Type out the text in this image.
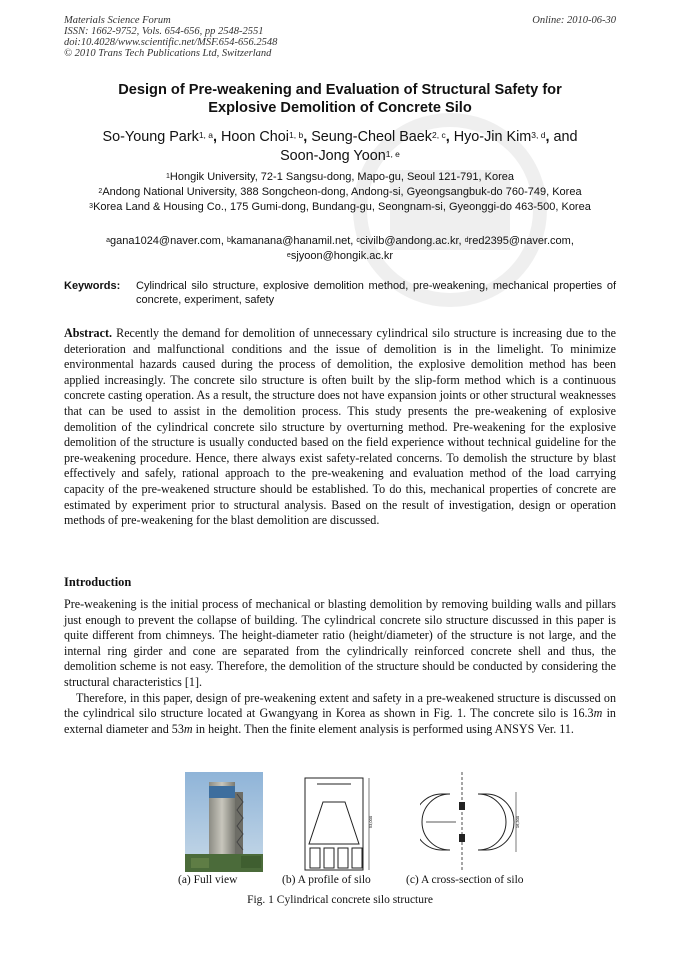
Materials Science Forum
ISSN: 1662-9752, Vols. 654-656, pp 2548-2551
doi:10.4028/www.scientific.net/MSF.654-656.2548
© 2010 Trans Tech Publications Ltd, Switzerland
Online: 2010-06-30
Design of Pre-weakening and Evaluation of Structural Safety for
Explosive Demolition of Concrete Silo
So-Young Park$^{1, a}$, Hoon Choi$^{1, b}$, Seung-Cheol Baek$^{2, c}$, Hyo-Jin Kim$^{3, d}$, and
Soon-Jong Yoon$^{1, e}$
$^1$Hongik University, 72-1 Sangsu-dong, Mapo-gu, Seoul 121-791, Korea
$^2$Andong National University, 388 Songcheon-dong, Andong-si, Gyeongsangbuk-do 760-749, Korea
$^3$Korea Land & Housing Co., 175 Gumi-dong, Bundang-gu, Seongnam-si, Gyeonggi-do 463-500, Korea
$^a$gana1024@naver.com, $^b$kamanana@hanamil.net, $^c$civilb@andong.ac.kr, $^d$red2395@naver.com,
$^e$sjyoon@hongik.ac.kr
Keywords: Cylindrical silo structure, explosive demolition method, pre-weakening, mechanical properties of concrete, experiment, safety
Abstract. Recently the demand for demolition of unnecessary cylindrical silo structure is increasing due to the deterioration and malfunctional conditions and the issue of demolition is in the limelight. To minimize environmental hazards caused during the process of demolition, the explosive demolition method has been applied increasingly. The concrete silo structure is often built by the slip-form method which is a continuous concrete casting operation. As a result, the structure does not have expansion joints or other structural weaknesses that can be used to assist in the demolition process. This study presents the pre-weakening of explosive demolition of the cylindrical concrete silo structure by overturning method. Pre-weakening for the explosive demolition of the structure is usually conducted based on the field experience without technical guideline for the pre-weakening procedure. Hence, there always exist safety-related concerns. To demolish the structure by blast effectively and safely, rational approach to the pre-weakening and evaluation method of the load carrying capacity of the pre-weakened structure should be established. To do this, mechanical properties of concrete are estimated by experiment prior to structural analysis. Based on the result of investigation, design or operation methods of pre-weakening for the blast demolition are discussed.
Introduction

Pre-weakening is the initial process of mechanical or blasting demolition by removing building walls and pillars just enough to prevent the collapse of building. The cylindrical concrete silo structure discussed in this paper is quite different from chimneys. The height-diameter ratio (height/diameter) of the structure is not large, and the internal ring girder and cone are separated from the cylindrically reinforced concrete shell and thus, the demolition scheme is not easy. Therefore, the demolition of the structure should be conducted by considering the structural characteristics [1].

Therefore, in this paper, design of pre-weakening extent and safety in a pre-weakened structure is discussed on the cylindrical silo structure located at Gwangyang in Korea as shown in Fig. 1. The concrete silo is 16.3m in external diameter and 53m in height. Then the finite element analysis is performed using ANSYS Ver. 11.

53,000	16,300
(a) Full view	(b) A profile of silo	(c) A cross-section of silo
Fig. 1 Cylindrical concrete silo structure
